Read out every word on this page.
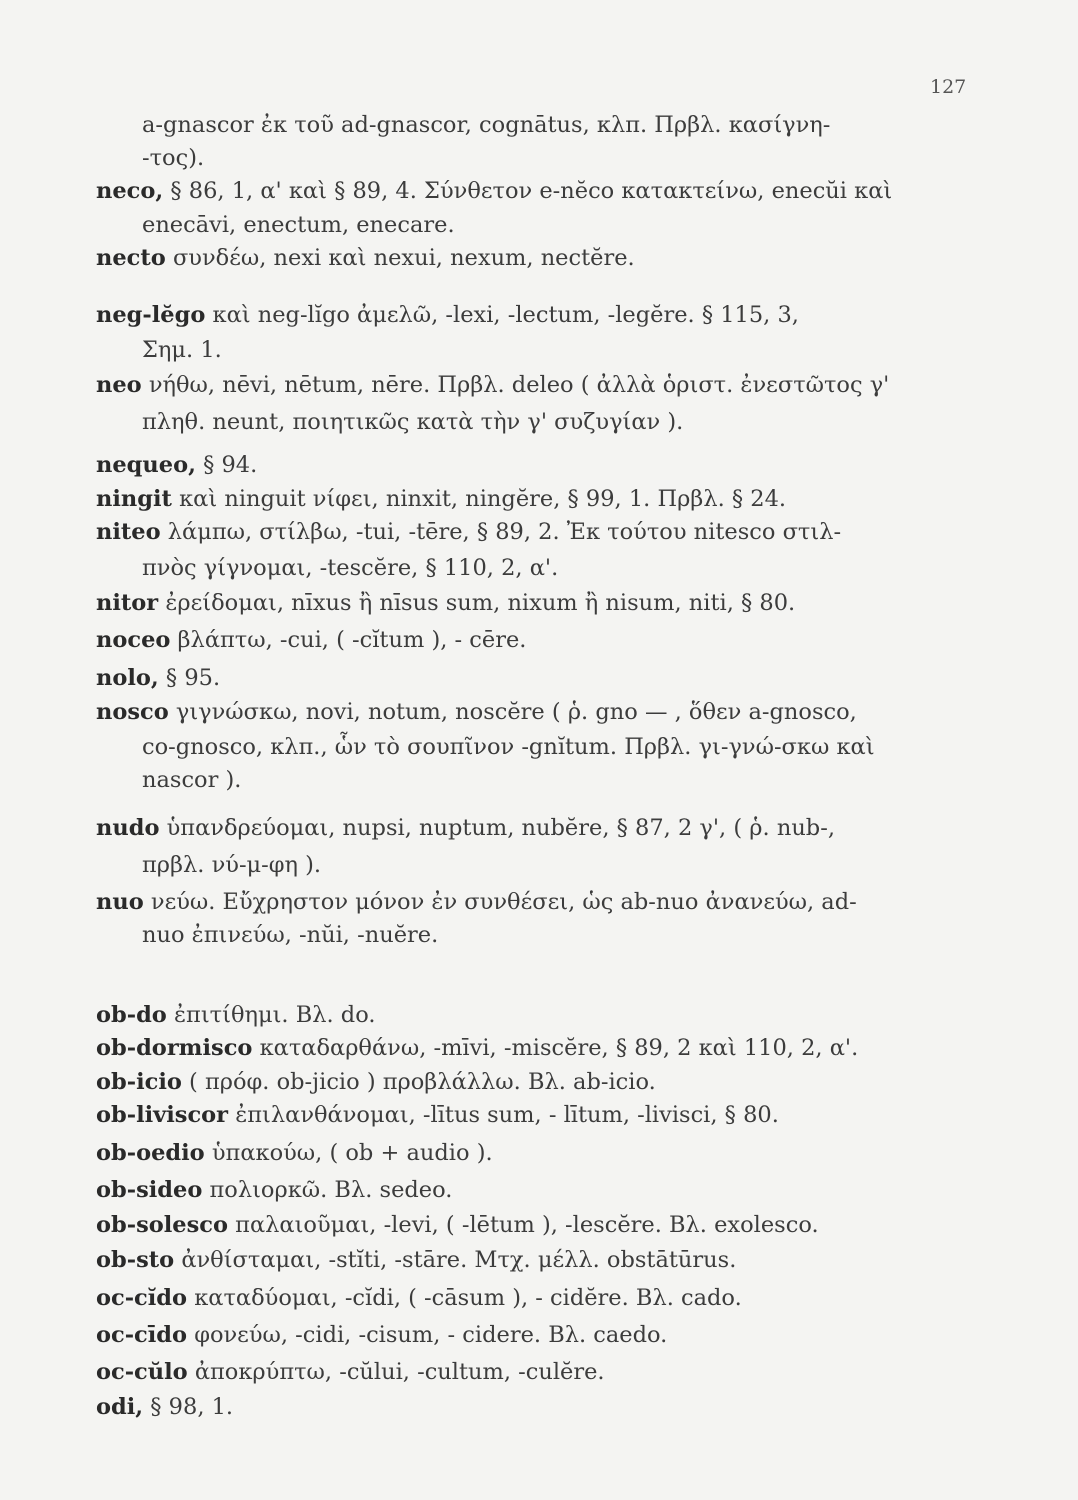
127
a-gnascor ἐκ τοῦ ad-gnascor, cognātus, κλπ. Πρβλ. κασίγνη-
-τος).
neco, § 86, 1, α' καὶ § 89, 4. Σύνθετον e-nĕco κατακτείνω, enecŭi καὶ
enecāvi, enectum, enecare.
necto συνδέω, nexi καὶ nexui, nexum, nectĕre.
neg-lĕgo καὶ neg-lĭgo ἀμελῶ, -lexi, -lectum, -legĕre. § 115, 3,
Σημ. 1.
neo νήθω, nēvi, nētum, nēre. Πρβλ. deleo ( ἀλλὰ ὁριστ. ἐνεστῶτος γ'
πληθ. neunt, ποιητικῶς κατὰ τὴν γ' συζυγίαν ).
nequeo, § 94.
ningit καὶ ninguit νίφει, ninxit, ningĕre, § 99, 1. Πρβλ. § 24.
niteo λάμπω, στίλβω, -tui, -tēre, § 89, 2. Ἐκ τούτου nitesco στιλ-
πνὸς γίγνομαι, -tescĕre, § 110, 2, α'.
nitor ἐρείδομαι, nīxus ἢ nīsus sum, nixum ἢ nisum, niti, § 80.
noceo βλάπτω, -cui, ( -cĭtum ), - cēre.
nolo, § 95.
nosco γιγνώσκω, novi, notum, noscĕre ( ῥ. gno — , ὅθεν a-gnosco,
co-gnosco, κλπ., ὧν τὸ σουπῖνον -gnĭtum. Πρβλ. γι-γνώ-σκω καὶ
nascor ).
nudo ὑπανδρεύομαι, nupsi, nuptum, nubĕre, § 87, 2 γ', ( ῥ. nub-,
πρβλ. νύ-μ-φη ).
nuo νεύω. Εὔχρηστον μόνον ἐν συνθέσει, ὡς ab-nuo ἀνανεύω, ad-
nuo ἐπινεύω, -nŭi, -nuĕre.
ob-do ἐπιτίθημι. Βλ. do.
ob-dormisco καταδαρθάνω, -mīvi, -miscĕre, § 89, 2 καὶ 110, 2, α'.
ob-icio ( πρόφ. ob-jicio ) προβλάλλω. Βλ. ab-icio.
ob-liviscor ἐπιλανθάνομαι, -lītus sum, - lītum, -livisci, § 80.
ob-oedio ὑπακούω, ( ob + audio ).
ob-sideo πολιορκῶ. Βλ. sedeo.
ob-solesco παλαιοῦμαι, -levi, ( -lētum ), -lescĕre. Βλ. exolesco.
ob-sto ἀνθίσταμαι, -stĭti, -stāre. Μτχ. μέλλ. obstātūrus.
oc-cĭdo καταδύομαι, -cĭdi, ( -cāsum ), - cidĕre. Βλ. cado.
oc-cīdo φονεύω, -cidi, -cisum, - cidere. Βλ. caedo.
oc-cŭlo ἀποκρύπτω, -cŭlui, -cultum, -culĕre.
odi, § 98, 1.
